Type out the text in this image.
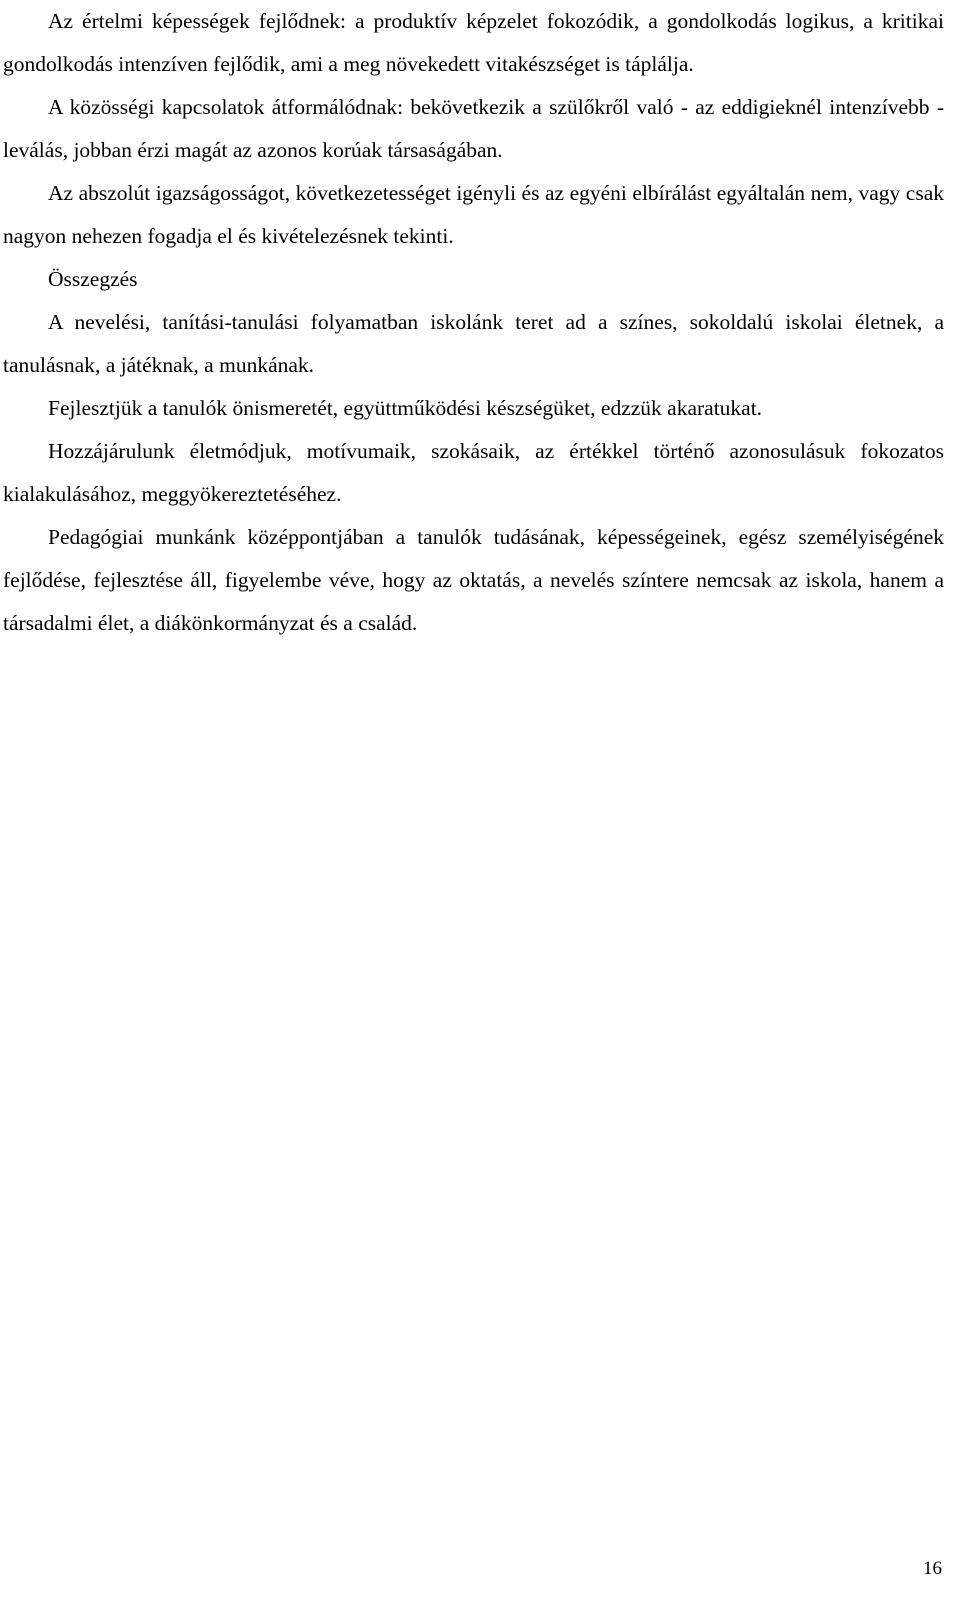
Az értelmi képességek fejlődnek: a produktív képzelet fokozódik, a gondolkodás logikus, a kritikai gondolkodás intenzíven fejlődik, ami a meg növekedett vitakészséget is táplálja.

A közösségi kapcsolatok átformálódnak: bekövetkezik a szülőkről való - az eddigieknél intenzívebb - leválás, jobban érzi magát az azonos korúak társaságában.

Az abszolút igazságosságot, következetességet igényli és az egyéni elbírálást egyáltalán nem, vagy csak nagyon nehezen fogadja el és kivételezésnek tekinti.

Összegzés

A nevelési, tanítási-tanulási folyamatban iskolánk teret ad a színes, sokoldalú iskolai életnek, a tanulásnak, a játéknak, a munkának.

Fejlesztjük a tanulók önismeretét, együttműködési készségüket, edzzük akaratukat.

Hozzájárulunk életmódjuk, motívumaik, szokásaik, az értékkel történő azonosulásuk fokozatos kialakulásához, meggyökereztetéséhez.

Pedagógiai munkánk középpontjában a tanulók tudásának, képességeinek, egész személyiségének fejlődése, fejlesztése áll, figyelembe véve, hogy az oktatás, a nevelés színtere nemcsak az iskola, hanem a társadalmi élet, a diákönkormányzat és a család.

16
